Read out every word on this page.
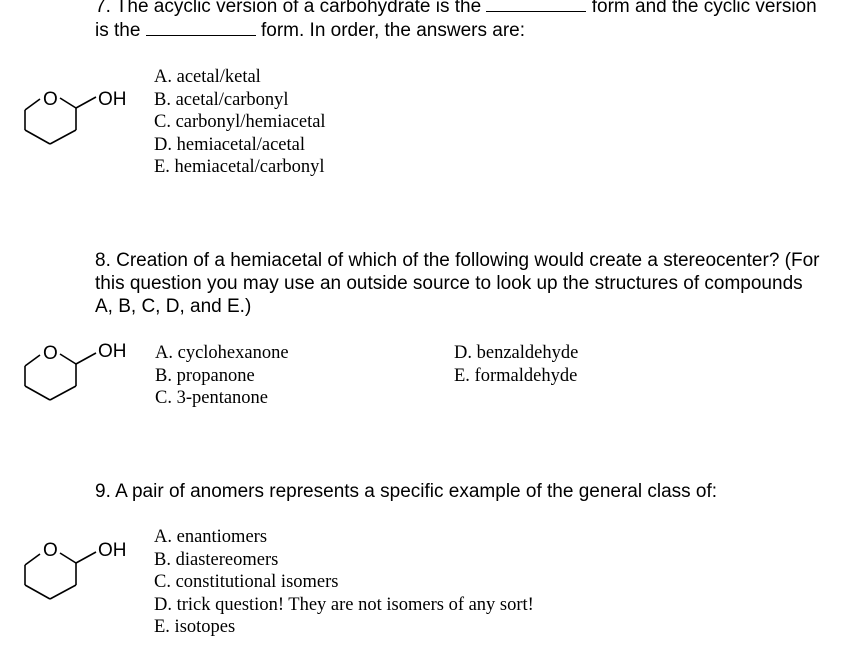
7. The acyclic version of a carbohydrate is the	form and the cyclic version
is the	form. In order, the answers are:
O OH
A. acetal/ketal
B. acetal/carbonyl
C. carbonyl/hemiacetal
D. hemiacetal/acetal
E. hemiacetal/carbonyl
8. Creation of a hemiacetal of which of the following would create a stereocenter? (For
this question you may use an outside source to look up the structures of compounds
A, B, C, D, and E.)
O OH A. cyclohexanone
B. propanone
C. 3-pentanone
D. benzaldehyde
E. formaldehyde
9. A pair of anomers represents a specific example of the general class of:
O OH
A. enantiomers
B. diastereomers
C. constitutional isomers
D. trick question! They are not isomers of any sort!
E. isotopes
